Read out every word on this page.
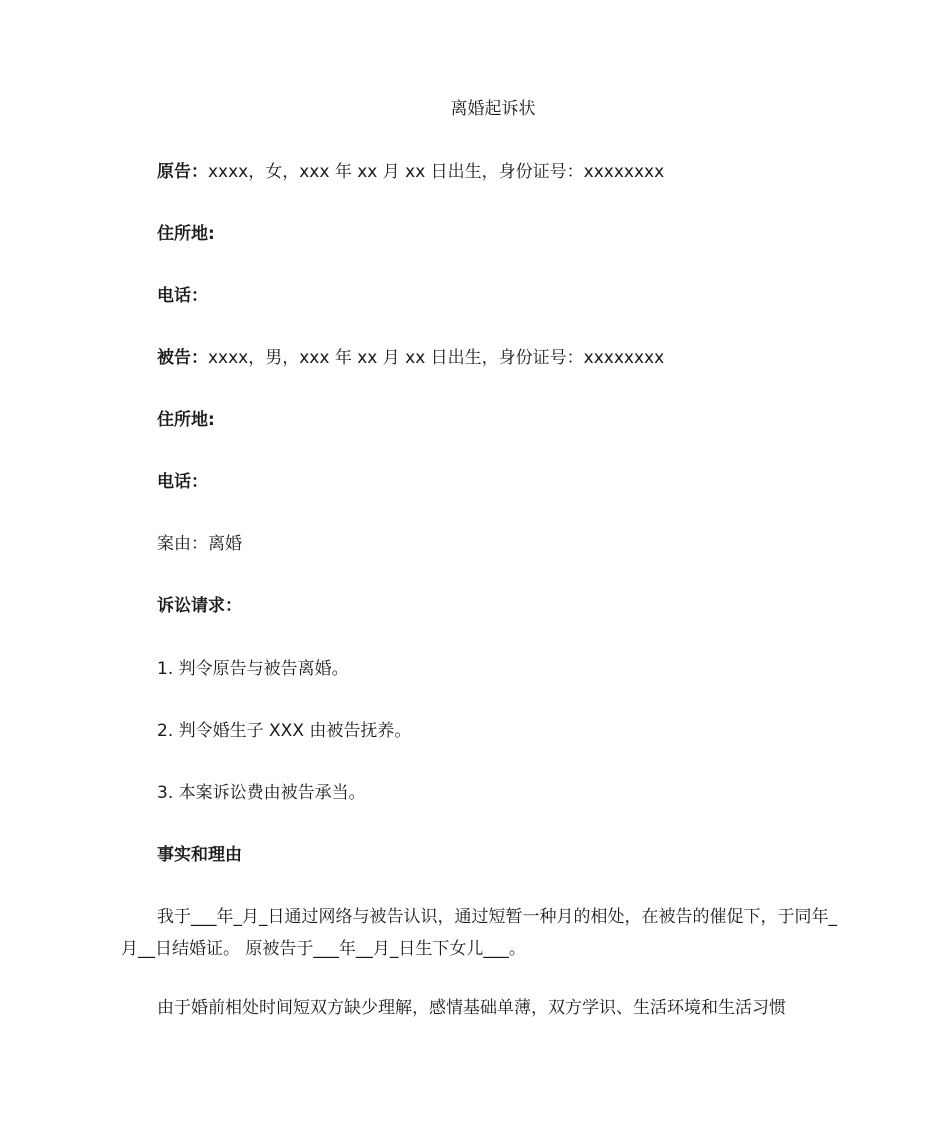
离婚起诉状
原告：xxxx，女，xxx 年 xx 月 xx 日出生，身份证号：xxxxxxxx
住所地:
电话：
被告：xxxx，男，xxx 年 xx 月 xx 日出生，身份证号：xxxxxxxx
住所地:
电话：
案由：离婚
诉讼请求：
1. 判令原告与被告离婚。
2. 判令婚生子 XXX 由被告抚养。
3. 本案诉讼费由被告承当。
事实和理由
我于___年_月_日通过网络与被告认识，通过短暂一种月的相处，在被告的催促下，于同年_月__日结婚证。 原被告于___年__月_日生下女儿___。
由于婚前相处时间短双方缺少理解，感情基础单薄，双方学识、生活环境和生活习惯
